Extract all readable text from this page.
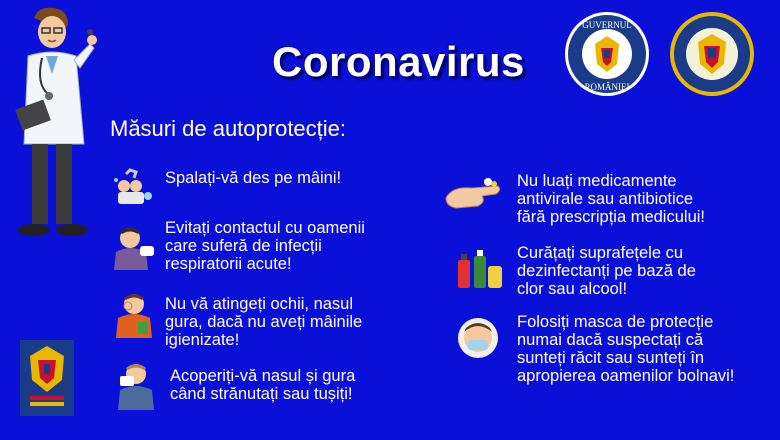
Coronavirus
GUVERNUL
ROMÂNIEI
Măsuri de autoprotecție:
Spalați-vă des pe mâini!
Evitați contactul cu oamenii
care suferă de infecții
respiratorii acute!
Nu vă atingeți ochii, nasul
gura, dacă nu aveți mâinile
igienizate!
Acoperiți-vă nasul și gura
când strănutați sau tușiți!
Nu luați medicamente
antivirale sau antibiotice
fără prescripția medicului!
Curățați suprafețele cu
dezinfectanți pe bază de
clor sau alcool!
Folosiți masca de protecție
numai dacă suspectați că
sunteți răcit sau sunteți în
apropierea oamenilor bolnavi!
